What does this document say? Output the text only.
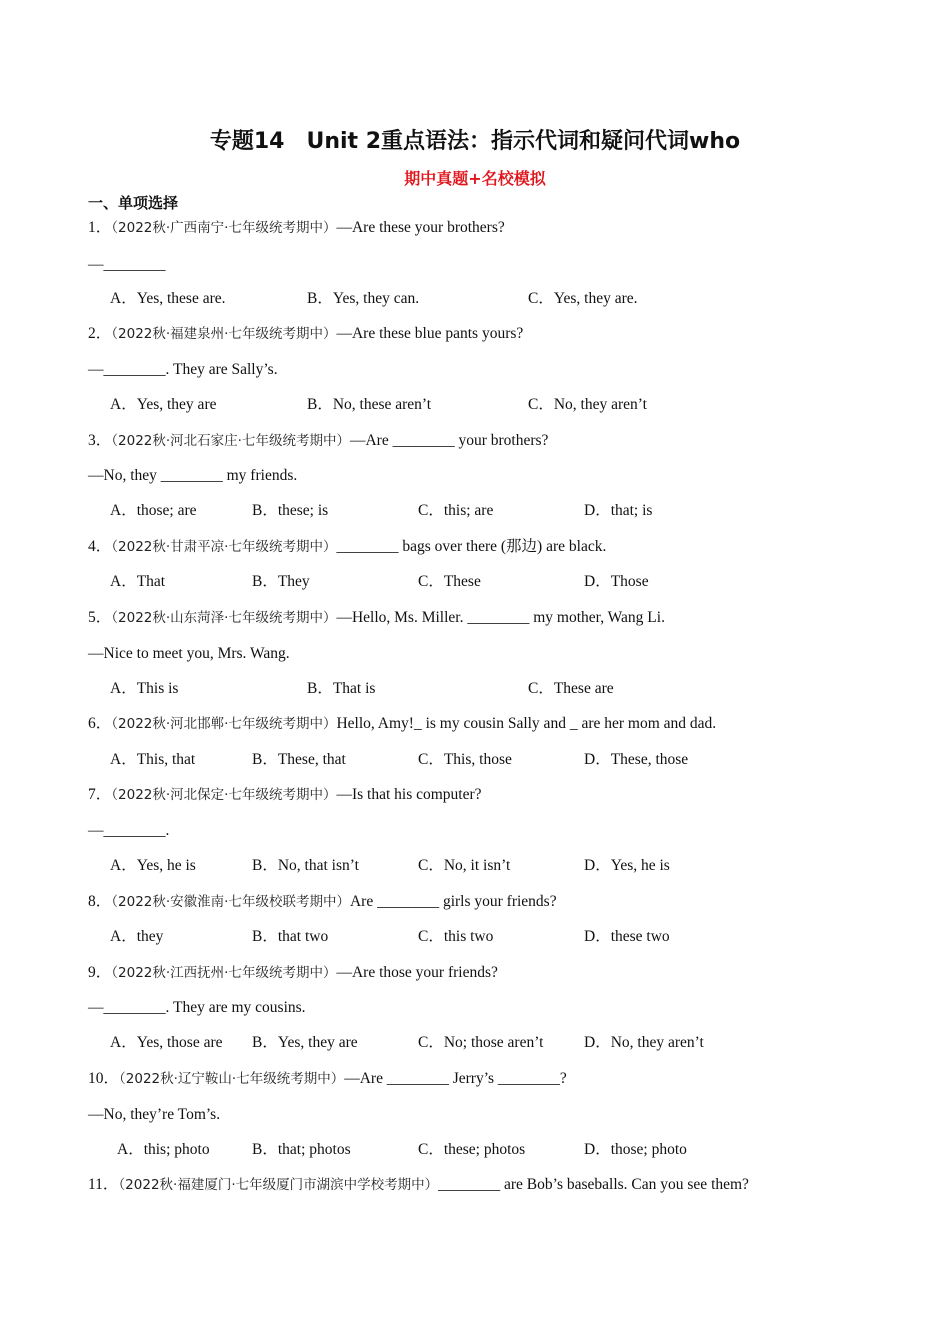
专题14　Unit 2重点语法：指示代词和疑问代词who
期中真题+名校模拟
一、单项选择
1．（2022秋·广西南宁·七年级统考期中）—Are these your brothers?
—________
A．Yes, these are.	B．Yes, they can.	C．Yes, they are.
2．（2022秋·福建泉州·七年级统考期中）—Are these blue pants yours?
—________. They are Sally’s.
A．Yes, they are	B．No, these aren’t	C．No, they aren’t
3．（2022秋·河北石家庄·七年级统考期中）—Are ________ your brothers?
—No, they ________ my friends.
A．those; are	B．these; is	C．this; are	D．that; is
4．（2022秋·甘肃平凉·七年级统考期中）________ bags over there (那边) are black.
A．That	B．They	C．These	D．Those
5．（2022秋·山东菏泽·七年级统考期中）—Hello, Ms. Miller. ________ my mother, Wang Li.
—Nice to meet you, Mrs. Wang.
A．This is	B．That is	C．These are
6．（2022秋·河北邯郸·七年级统考期中）Hello, Amy!_ is my cousin Sally and _ are her mom and dad.
A．This, that	B．These, that	C．This, those	D．These, those
7．（2022秋·河北保定·七年级统考期中）—Is that his computer?
—________.
A．Yes, he is	B．No, that isn’t	C．No, it isn’t	D．Yes, he is
8．（2022秋·安徽淮南·七年级校联考期中）Are ________ girls your friends?
A．they	B．that two	C．this two	D．these two
9．（2022秋·江西抚州·七年级统考期中）—Are those your friends?
—________. They are my cousins.
A．Yes, those are B．Yes, they are	C．No; those aren’t	D．No, they aren’t
10．（2022秋·辽宁鞍山·七年级统考期中）—Are ________ Jerry’s ________?
—No, they’re Tom’s.
A．this; photo	B．that; photos	C．these; photos	D．those; photo
11．（2022秋·福建厦门·七年级厦门市湖滨中学校考期中）________ are Bob’s baseballs. Can you see them?
